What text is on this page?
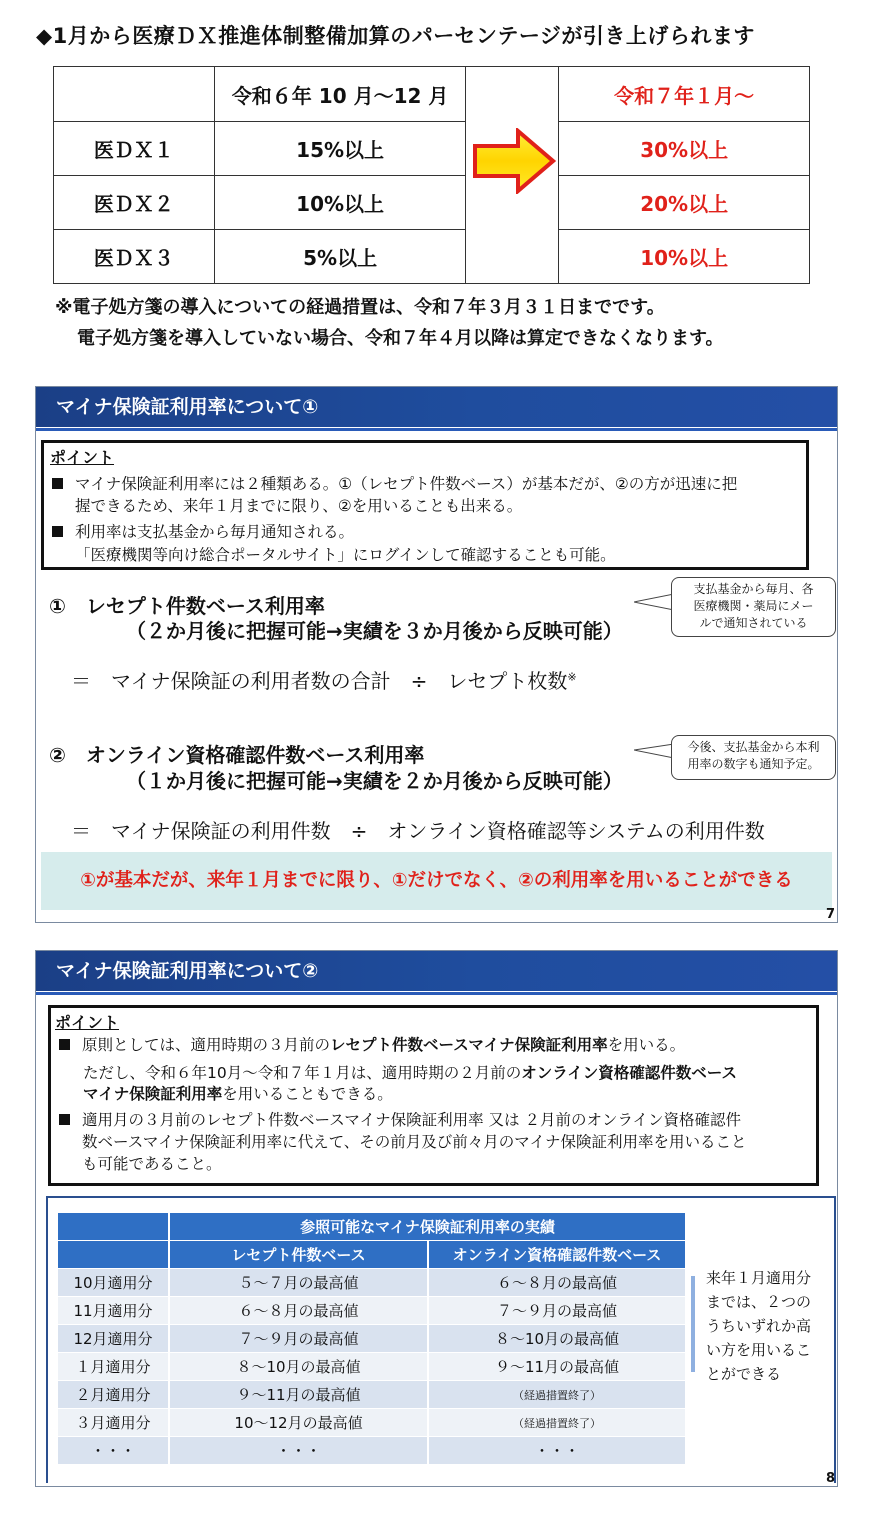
◆1月から医療ＤＸ推進体制整備加算のパーセンテージが引き上げられます
	令和６年 10 月～12 月		令和７年１月～
医ＤＸ１	15%以上		30%以上
医ＤＸ２	10%以上		20%以上
医ＤＸ３	5%以上		10%以上
※電子処方箋の導入についての経過措置は、令和７年３月３１日までです。
電子処方箋を導入していない場合、令和７年４月以降は算定できなくなります。
マイナ保険証利用率について①
ポイント
マイナ保険証利用率には２種類ある。①（レセプト件数ベース）が基本だが、②の方が迅速に把
握できるため、来年１月までに限り、②を用いることも出来る。
利用率は支払基金から毎月通知される。
「医療機関等向け総合ポータルサイト」にログインして確認することも可能。
①　レセプト件数ベース利用率
（２か月後に把握可能→実績を３か月後から反映可能）
＝　マイナ保険証の利用者数の合計　÷　レセプト枚数※
支払基金から毎月、各
医療機関・薬局にメー
ルで通知されている
②　オンライン資格確認件数ベース利用率
（１か月後に把握可能→実績を２か月後から反映可能）
＝　マイナ保険証の利用件数　÷　オンライン資格確認等システムの利用件数
今後、支払基金から本利
用率の数字も通知予定。
①が基本だが、来年１月までに限り、①だけでなく、②の利用率を用いることができる
7
マイナ保険証利用率について②
ポイント
原則としては、適用時期の３月前のレセプト件数ベースマイナ保険証利用率を用いる。
ただし、令和６年10月～令和７年１月は、適用時期の２月前のオンライン資格確認件数ベース
マイナ保険証利用率を用いることもできる。
適用月の３月前のレセプト件数ベースマイナ保険証利用率 又は ２月前のオンライン資格確認件
数ベースマイナ保険証利用率に代えて、その前月及び前々月のマイナ保険証利用率を用いること
も可能であること。
来年１月適用分
までは、２つの
うちいずれか高
い方を用いるこ
とができる
8
	参照可能なマイナ保険証利用率の実績	
	レセプト件数ベース	オンライン資格確認件数ベース
10月適用分	５～７月の最高値	６～８月の最高値
11月適用分	６～８月の最高値	７～９月の最高値
12月適用分	７～９月の最高値	８～10月の最高値
１月適用分	８～10月の最高値	９～11月の最高値
２月適用分	９～11月の最高値	（経過措置終了）
３月適用分	10～12月の最高値	（経過措置終了）
・・・	・・・	・・・
